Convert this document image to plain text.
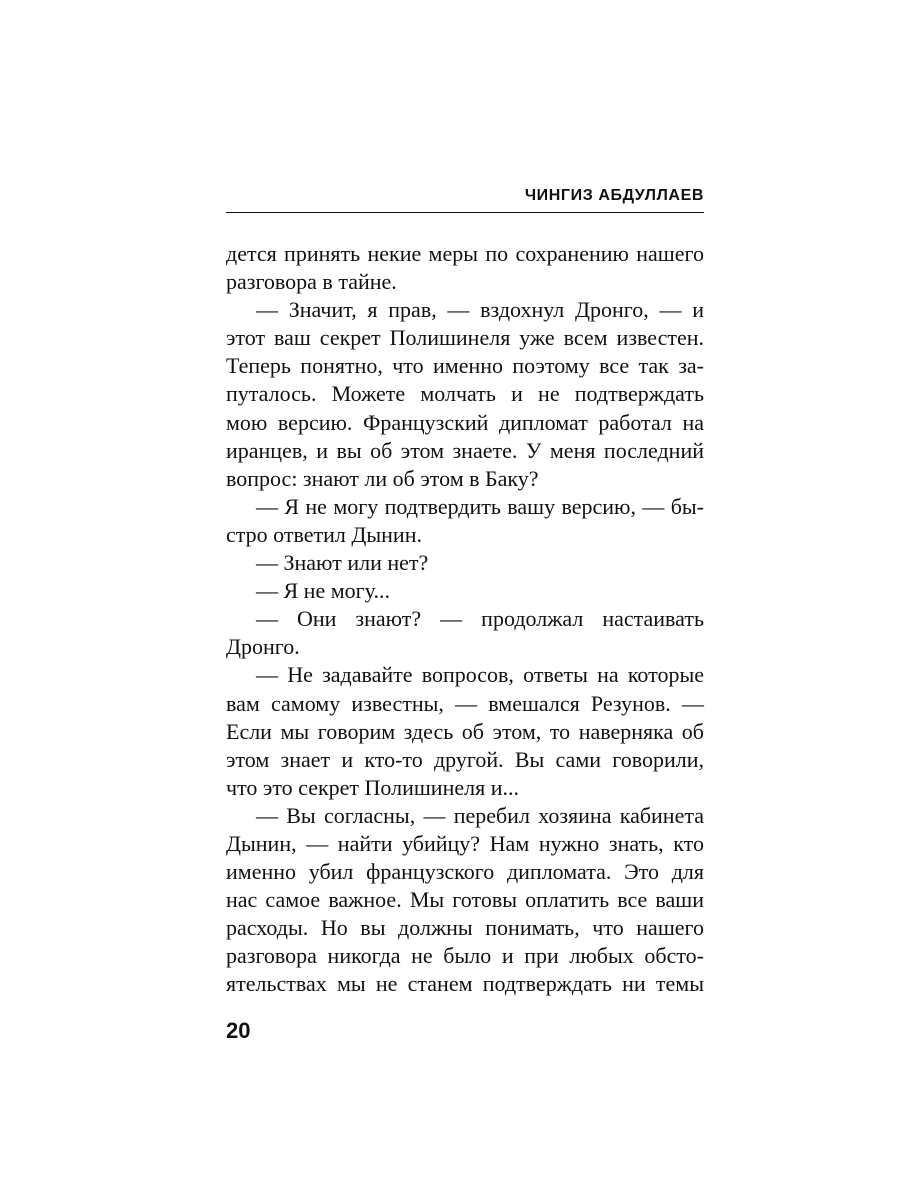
ЧИНГИЗ АБДУЛЛАЕВ
дется принять некие меры по сохранению нашего
разговора в тайне.
— Значит, я прав, — вздохнул Дронго, — и
этот ваш секрет Полишинеля уже всем известен.
Теперь понятно, что именно поэтому все так за-
путалось. Можете молчать и не подтверждать
мою версию. Французский дипломат работал на
иранцев, и вы об этом знаете. У меня последний
вопрос: знают ли об этом в Баку?
— Я не могу подтвердить вашу версию, — бы-
стро ответил Дынин.
— Знают или нет?
— Я не могу...
— Они знают? — продолжал настаивать
Дронго.
— Не задавайте вопросов, ответы на которые
вам самому известны, — вмешался Резунов. —
Если мы говорим здесь об этом, то наверняка об
этом знает и кто-то другой. Вы сами говорили,
что это секрет Полишинеля и...
— Вы согласны, — перебил хозяина кабинета
Дынин, — найти убийцу? Нам нужно знать, кто
именно убил французского дипломата. Это для
нас самое важное. Мы готовы оплатить все ваши
расходы. Но вы должны понимать, что нашего
разговора никогда не было и при любых обсто-
ятельствах мы не станем подтверждать ни темы
20
